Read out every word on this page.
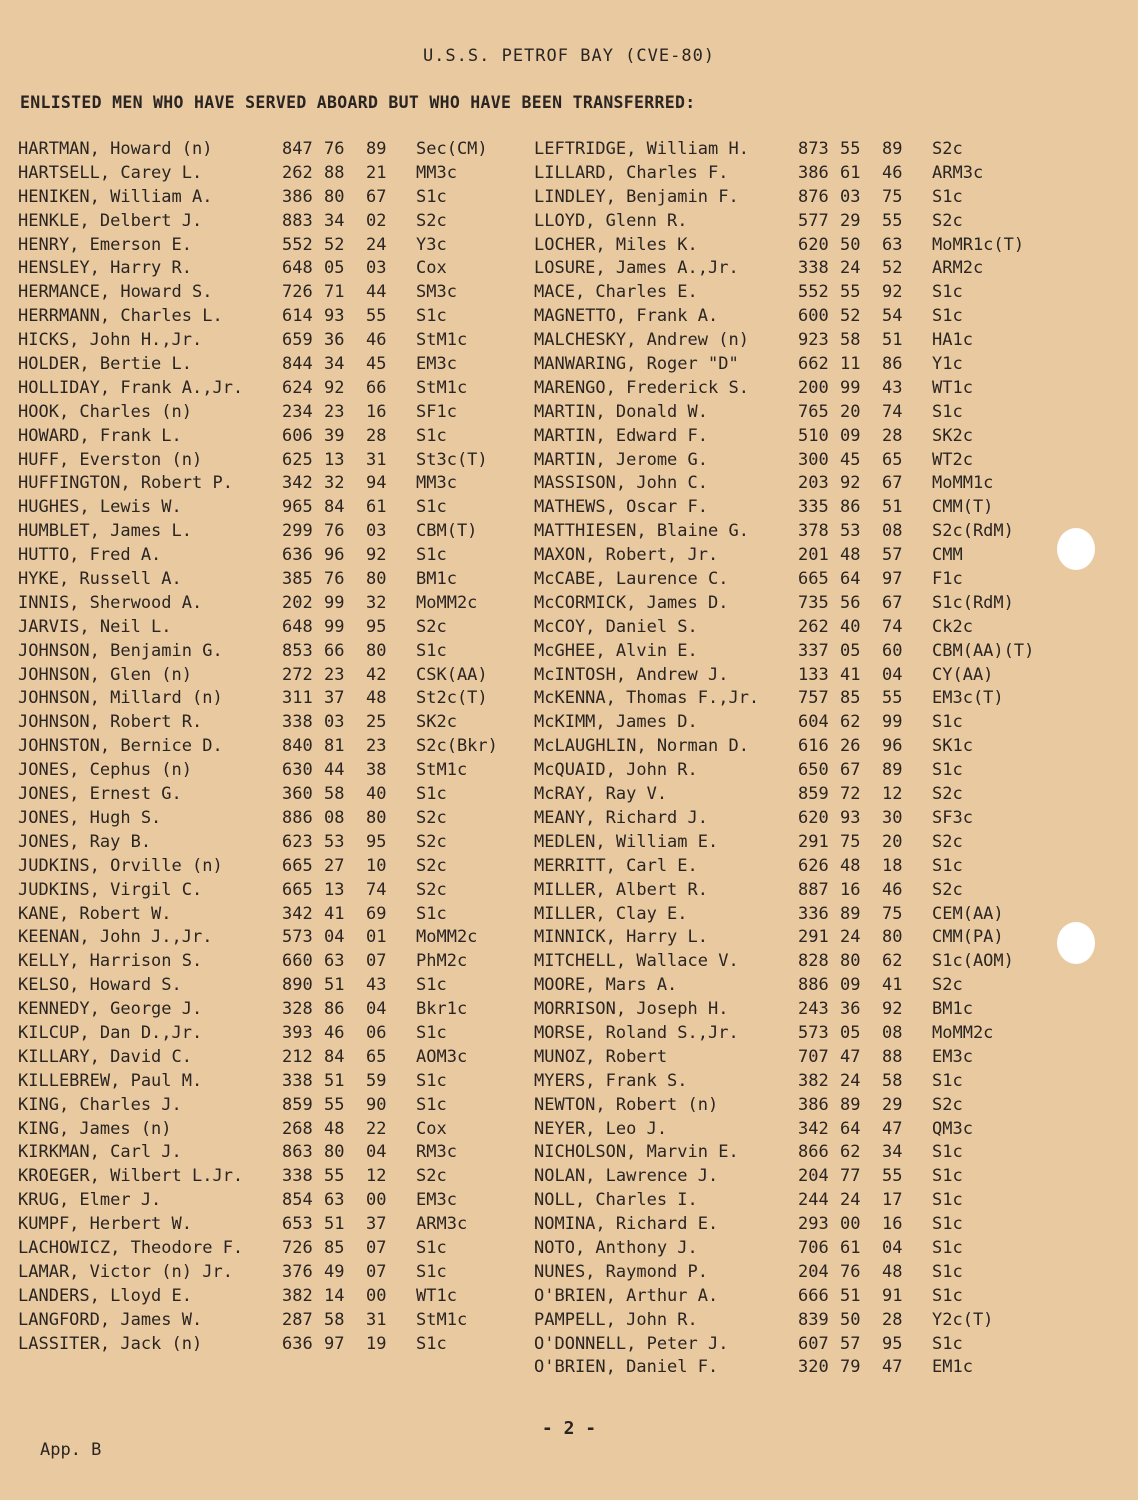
U.S.S. PETROF BAY (CVE-80)
ENLISTED MEN WHO HAVE SERVED ABOARD BUT WHO HAVE BEEN TRANSFERRED:
HARTMAN, Howard (n)	847 76 89 Sec(CM)
HARTSELL, Carey L.	262 88 21 MM3c
HENIKEN, William A.	386 80 67 S1c
HENKLE, Delbert J.	883 34 02 S2c
HENRY, Emerson E.	552 52 24 Y3c
HENSLEY, Harry R.	648 05 03 Cox
HERMANCE, Howard S.	726 71 44 SM3c
HERRMANN, Charles L.	614 93 55 S1c
HICKS, John H.,Jr.	659 36 46 StM1c
HOLDER, Bertie L.	844 34 45 EM3c
HOLLIDAY, Frank A.,Jr. 624 92 66 StM1c
HOOK, Charles (n)	234 23 16 SF1c
HOWARD, Frank L.	606 39 28 S1c
HUFF, Everston (n)	625 13 31 St3c(T)
HUFFINGTON, Robert P.	342 32 94 MM3c
HUGHES, Lewis W.	965 84 61 S1c
HUMBLET, James L.	299 76 03 CBM(T)
HUTTO, Fred A.	636 96 92 S1c
HYKE, Russell A.	385 76 80 BM1c
INNIS, Sherwood A.	202 99 32 MoMM2c
JARVIS, Neil L.	648 99 95 S2c
JOHNSON, Benjamin G.	853 66 80 S1c
JOHNSON, Glen (n)	272 23 42 CSK(AA)
JOHNSON, Millard (n)	311 37 48 St2c(T)
JOHNSON, Robert R.	338 03 25 SK2c
JOHNSTON, Bernice D.	840 81 23 S2c(Bkr)
JONES, Cephus (n)	630 44 38 StM1c
JONES, Ernest G.	360 58 40 S1c
JONES, Hugh S.	886 08 80 S2c
JONES, Ray B.	623 53 95 S2c
JUDKINS, Orville (n)	665 27 10 S2c
JUDKINS, Virgil C.	665 13 74 S2c
KANE, Robert W.	342 41 69 S1c
KEENAN, John J.,Jr.	573 04 01 MoMM2c
KELLY, Harrison S.	660 63 07 PhM2c
KELSO, Howard S.	890 51 43 S1c
KENNEDY, George J.	328 86 04 Bkr1c
KILCUP, Dan D.,Jr.	393 46 06 S1c
KILLARY, David C.	212 84 65 AOM3c
KILLEBREW, Paul M.	338 51 59 S1c
KING, Charles J.	859 55 90 S1c
KING, James (n)	268 48 22 Cox
KIRKMAN, Carl J.	863 80 04 RM3c
KROEGER, Wilbert L.Jr. 338 55 12 S2c
KRUG, Elmer J.	854 63 00 EM3c
KUMPF, Herbert W.	653 51 37 ARM3c
LACHOWICZ, Theodore F. 726 85 07 S1c
LAMAR, Victor (n) Jr.	376 49 07 S1c
LANDERS, Lloyd E.	382 14 00 WT1c
LANGFORD, James W.	287 58 31 StM1c
LASSITER, Jack (n)	636 97 19 S1c
LEFTRIDGE, William H.	873 55 89 S2c
LILLARD, Charles F.	386 61 46 ARM3c
LINDLEY, Benjamin F.	876 03 75 S1c
LLOYD, Glenn R.	577 29 55 S2c
LOCHER, Miles K.	620 50 63 MoMR1c(T)
LOSURE, James A.,Jr.	338 24 52 ARM2c
MACE, Charles E.	552 55 92 S1c
MAGNETTO, Frank A.	600 52 54 S1c
MALCHESKY, Andrew (n)	923 58 51 HA1c
MANWARING, Roger "D"	662 11 86 Y1c
MARENGO, Frederick S.	200 99 43 WT1c
MARTIN, Donald W.	765 20 74 S1c
MARTIN, Edward F.	510 09 28 SK2c
MARTIN, Jerome G.	300 45 65 WT2c
MASSISON, John C.	203 92 67 MoMM1c
MATHEWS, Oscar F.	335 86 51 CMM(T)
MATTHIESEN, Blaine G.	378 53 08 S2c(RdM)
MAXON, Robert, Jr.	201 48 57 CMM
McCABE, Laurence C.	665 64 97 F1c
McCORMICK, James D.	735 56 67 S1c(RdM)
McCOY, Daniel S.	262 40 74 Ck2c
McGHEE, Alvin E.	337 05 60 CBM(AA)(T)
McINTOSH, Andrew J.	133 41 04 CY(AA)
McKENNA, Thomas F.,Jr. 757 85 55 EM3c(T)
McKIMM, James D.	604 62 99 S1c
McLAUGHLIN, Norman D.	616 26 96 SK1c
McQUAID, John R.	650 67 89 S1c
McRAY, Ray V.	859 72 12 S2c
MEANY, Richard J.	620 93 30 SF3c
MEDLEN, William E.	291 75 20 S2c
MERRITT, Carl E.	626 48 18 S1c
MILLER, Albert R.	887 16 46 S2c
MILLER, Clay E.	336 89 75 CEM(AA)
MINNICK, Harry L.	291 24 80 CMM(PA)
MITCHELL, Wallace V.	828 80 62 S1c(AOM)
MOORE, Mars A.	886 09 41 S2c
MORRISON, Joseph H.	243 36 92 BM1c
MORSE, Roland S.,Jr.	573 05 08 MoMM2c
MUNOZ, Robert	707 47 88 EM3c
MYERS, Frank S.	382 24 58 S1c
NEWTON, Robert (n)	386 89 29 S2c
NEYER, Leo J.	342 64 47 QM3c
NICHOLSON, Marvin E.	866 62 34 S1c
NOLAN, Lawrence J.	204 77 55 S1c
NOLL, Charles I.	244 24 17 S1c
NOMINA, Richard E.	293 00 16 S1c
NOTO, Anthony J.	706 61 04 S1c
NUNES, Raymond P.	204 76 48 S1c
O'BRIEN, Arthur A.	666 51 91 S1c
PAMPELL, John R.	839 50 28 Y2c(T)
O'DONNELL, Peter J.	607 57 95 S1c
O'BRIEN, Daniel F.	320 79 47 EM1c
- 2 -
App. B
